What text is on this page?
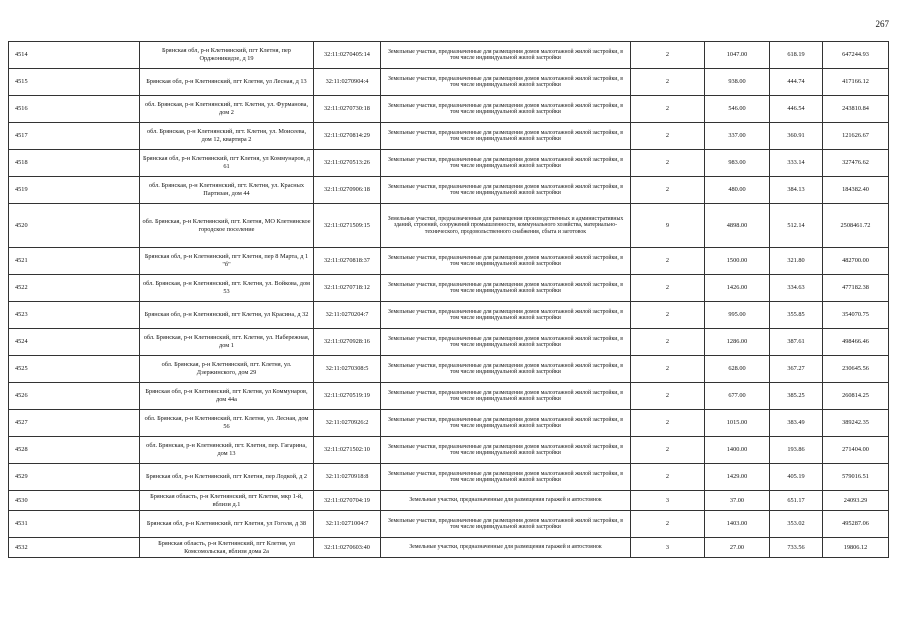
267
4514	Брянская обл, р-н Клетнянский, пгт Клетня, пер Орджоникидзе, д 19	32:11:0270405:14	Земельные участки, предназначенные для размещения домов малоэтажной жилой застройки, в том числе индивидуальной жилой застройки	2	1047.00	618.19	647244.93
4515	Брянская обл, р-н Клетнянский, пгт Клетня, ул Лесная, д 13	32:11:0270904:4	Земельные участки, предназначенные для размещения домов малоэтажной жилой застройки, в том числе индивидуальной жилой застройки	2	938.00	444.74	417166.12
4516	обл. Брянская, р-н Клетнянский, пгт. Клетня, ул. Фурманова, дом 2	32:11:0270730:18	Земельные участки, предназначенные для размещения домов малоэтажной жилой застройки, в том числе индивидуальной жилой застройки	2	546.00	446.54	243810.84
4517	обл. Брянская, р-н Клетнянский, пгт. Клетня, ул. Моисеева, дом 12, квартира 2	32:11:0270814:29	Земельные участки, предназначенные для размещения домов малоэтажной жилой застройки, в том числе индивидуальной жилой застройки	2	337.00	360.91	121626.67
4518	Брянская обл, р-н Клетнянский, пгт Клетня, ул Коммунаров, д 61	32:11:0270513:26	Земельные участки, предназначенные для размещения домов малоэтажной жилой застройки, в том числе индивидуальной жилой застройки	2	983.00	333.14	327476.62
4519	обл. Брянская, р-н Клетнянский, пгт. Клетня, ул. Красных Партизан, дом 44	32:11:0270906:18	Земельные участки, предназначенные для размещения домов малоэтажной жилой застройки, в том числе индивидуальной жилой застройки	2	480.00	384.13	184382.40
4520	обл. Брянская, р-н Клетнянский, пгт. Клетня, МО Клетнянское городское поселение	32:11:0271509:15	Земельные участки, предназначенные для размещения производственных и административных зданий, строений, сооружений промышленности, коммунального хозяйства, материально-технического, продовольственного снабжения, сбыта и заготовок	9	4898.00	512.14	2508461.72
4521	Брянская обл, р-н Клетнянский, пгт Клетня, пер 8 Марта, д 1 "б"	32:11:0270818:37	Земельные участки, предназначенные для размещения домов малоэтажной жилой застройки, в том числе индивидуальной жилой застройки	2	1500.00	321.80	482700.00
4522	обл. Брянская, р-н Клетнянский, пгт. Клетня, ул. Войкова, дом 53	32:11:0270718:12	Земельные участки, предназначенные для размещения домов малоэтажной жилой застройки, в том числе индивидуальной жилой застройки	2	1426.00	334.63	477182.38
4523	Брянская обл, р-н Клетнянский, пгт Клетня, ул Красина, д 32	32:11:0270204:7	Земельные участки, предназначенные для размещения домов малоэтажной жилой застройки, в том числе индивидуальной жилой застройки	2	995.00	355.85	354070.75
4524	обл. Брянская, р-н Клетнянский, пгт. Клетня, ул. Набережная, дом 1	32:11:0270928:16	Земельные участки, предназначенные для размещения домов малоэтажной жилой застройки, в том числе индивидуальной жилой застройки	2	1286.00	387.61	498466.46
4525	обл. Брянская, р-н Клетнянский, пгт. Клетня, ул. Дзержинского, дом 29	32:11:0270308:5	Земельные участки, предназначенные для размещения домов малоэтажной жилой застройки, в том числе индивидуальной жилой застройки	2	628.00	367.27	230645.56
4526	Брянская обл, р-н Клетнянский, пгт Клетня, ул Коммунаров, дом 44а	32:11:0270519:19	Земельные участки, предназначенные для размещения домов малоэтажной жилой застройки, в том числе индивидуальной жилой застройки	2	677.00	385.25	260814.25
4527	обл. Брянская, р-н Клетнянский, пгт. Клетня, ул. Лесная, дом 56	32:11:0270926:2	Земельные участки, предназначенные для размещения домов малоэтажной жилой застройки, в том числе индивидуальной жилой застройки	2	1015.00	383.49	389242.35
4528	обл. Брянская, р-н Клетнянский, пгт. Клетня, пер. Гагарина, дом 13	32:11:0271502:10	Земельные участки, предназначенные для размещения домов малоэтажной жилой застройки, в том числе индивидуальной жилой застройки	2	1400.00	193.86	271404.00
4529	Брянская обл, р-н Клетнянский, пгт Клетня, пер Лодкой, д 2	32:11:0270918:8	Земельные участки, предназначенные для размещения домов малоэтажной жилой застройки, в том числе индивидуальной жилой застройки	2	1429.00	405.19	579016.51
4530	Брянская область, р-н Клетнянский, пгт Клетня, мкр 1-й, вблизи д.1	32:11:0270704:19	Земельные участки, предназначенные для размещения гаражей и автостоянок	3	37.00	651.17	24093.29
4531	Брянская обл, р-н Клетнянский, пгт Клетня, ул Гоголя, д 38	32:11:0271004:7	Земельные участки, предназначенные для размещения домов малоэтажной жилой застройки, в том числе индивидуальной жилой застройки	2	1403.00	353.02	495287.06
4532	Брянская область, р-н Клетнянский, пгт Клетня, ул Комсомольская, вблизи дома 2а	32:11:0270603:40	Земельные участки, предназначенные для размещения гаражей и автостоянок	3	27.00	733.56	19806.12
